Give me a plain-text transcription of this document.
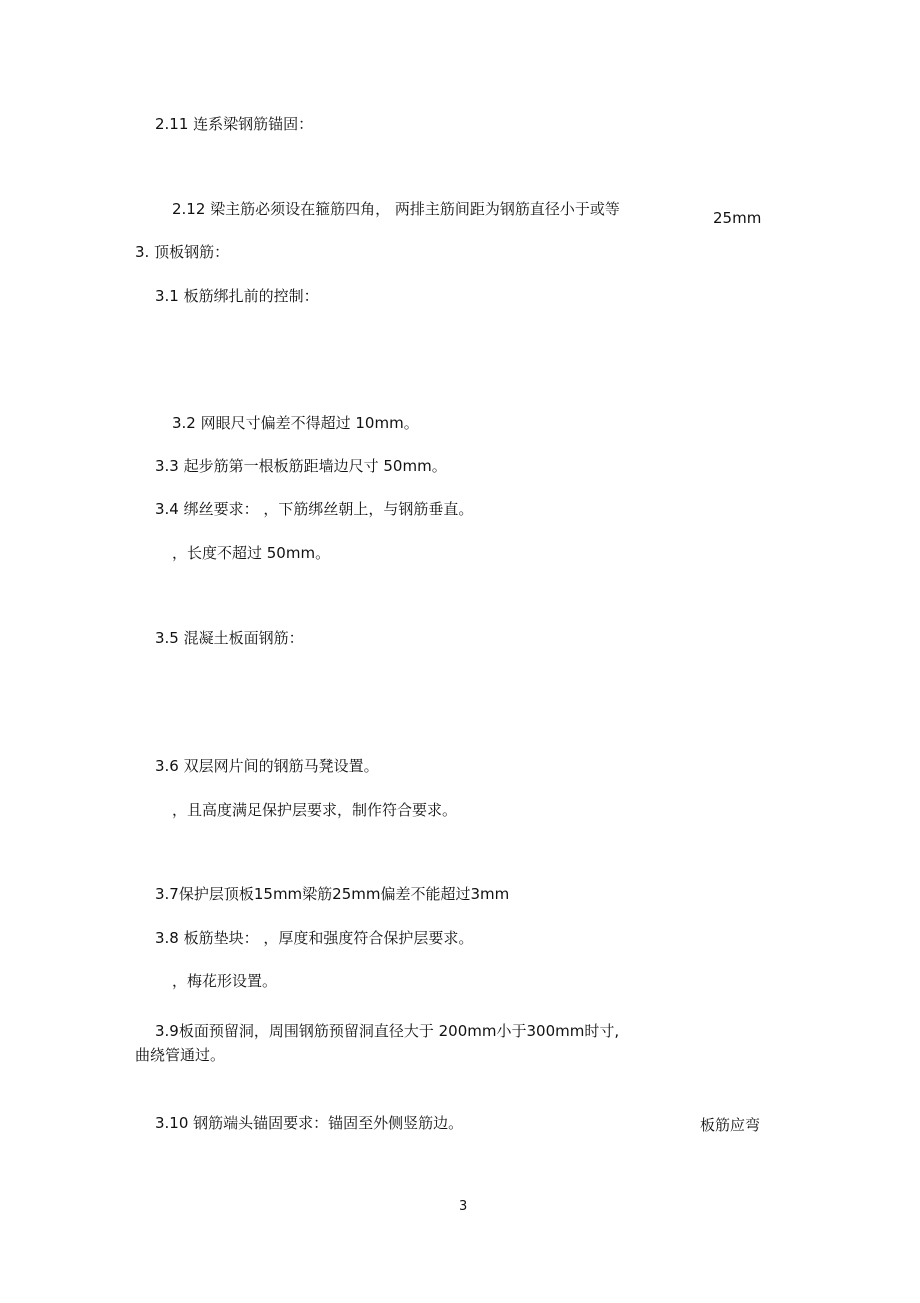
2.11 连系梁钢筋锚固：
2.12 梁主筋必须设在箍筋四角， 两排主筋间距为钢筋直径小于或等	25mm
3. 顶板钢筋：
3.1 板筋绑扎前的控制：
3.2 网眼尺寸偏差不得超过 10mm。
3.3 起步筋第一根板筋距墙边尺寸 50mm。
3.4 绑丝要求： ，下筋绑丝朝上，与钢筋垂直。
，长度不超过 50mm。
3.5 混凝土板面钢筋：
3.6 双层网片间的钢筋马凳设置。
，且高度满足保护层要求，制作符合要求。
3.7保护层顶板15mm梁筋25mm偏差不能超过3mm
3.8 板筋垫块： ，厚度和强度符合保护层要求。
，梅花形设置。
3.9板面预留洞，周围钢筋预留洞直径大于 200mm小于300mm时寸,
曲绕管通过。
3.10 钢筋端头锚固要求：锚固至外侧竖筋边。	板筋应弯
3
